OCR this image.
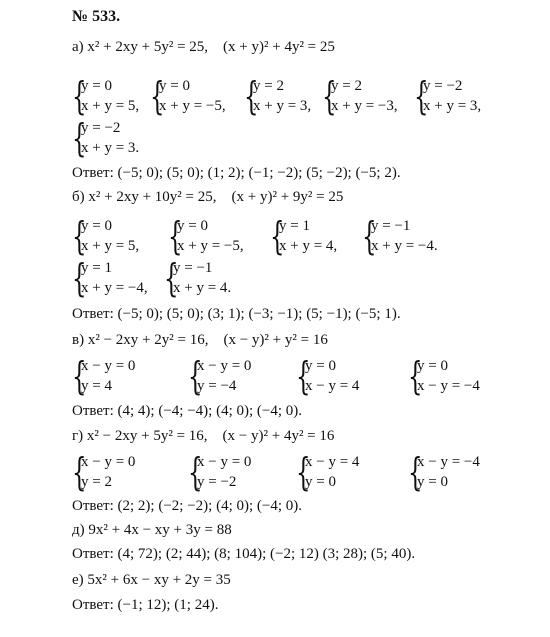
№ 533.
а) x² + 2xy + 5y² = 25, (x + y)² + 4y² = 25
{
y = 0
x + y = 5, {
y = 0
x + y = −5, {
y = 2
x + y = 3, {
y = 2
x + y = −3, {
y = −2
x + y = 3,
{
y = −2
x + y = 3.
Ответ: (−5; 0); (5; 0); (1; 2); (−1; −2); (5; −2); (−5; 2).
б) x² + 2xy + 10y² = 25, (x + y)² + 9y² = 25
{
y = 0
x + y = 5, {
y = 0
x + y = −5, {
y = 1
x + y = 4, {
y = −1
x + y = −4.
{
y = 1
x + y = −4, {
y = −1
x + y = 4.
Ответ: (−5; 0); (5; 0); (3; 1); (−3; −1); (5; −1); (−5; 1).
в) x² − 2xy + 2y² = 16, (x − y)² + y² = 16
{
x − y = 0
y = 4	{
x − y = 0
y = −4	{
y = 0
x − y = 4 {
y = 0
x − y = −4
Ответ: (4; 4); (−4; −4); (4; 0); (−4; 0).
г) x² − 2xy + 5y² = 16, (x − y)² + 4y² = 16
{
x − y = 0
y = 2	{
x − y = 0
y = −2	{
x − y = 4
y = 0	{
x − y = −4
y = 0
Ответ: (2; 2); (−2; −2); (4; 0); (−4; 0).
д) 9x² + 4x − xy + 3y = 88
Ответ: (4; 72); (2; 44); (8; 104); (−2; 12) (3; 28); (5; 40).
е) 5x² + 6x − xy + 2y = 35
Ответ: (−1; 12); (1; 24).
